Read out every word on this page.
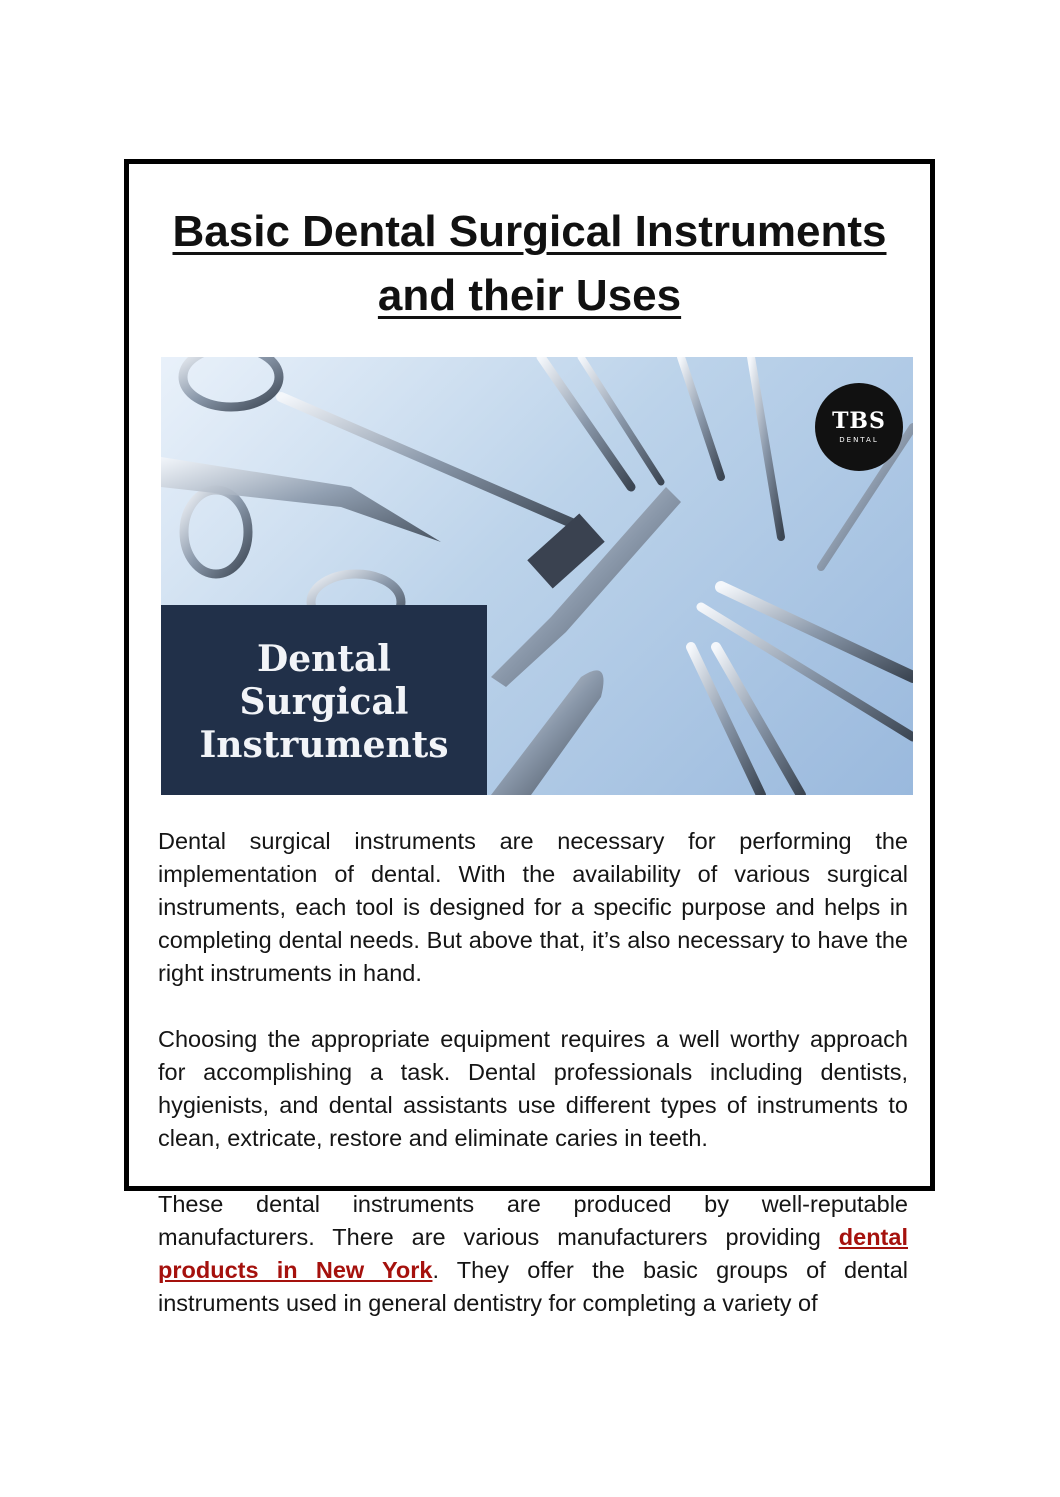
Basic Dental Surgical Instruments and their Uses
TBS
DENTAL
Dental
Surgical
Instruments

Dental surgical instruments are necessary for performing the implementation of dental. With the availability of various surgical instruments, each tool is designed for a specific purpose and helps in completing dental needs. But above that, it’s also necessary to have the right instruments in hand.

Choosing the appropriate equipment requires a well worthy approach for accomplishing a task. Dental professionals including dentists, hygienists, and dental assistants use different types of instruments to clean, extricate, restore and eliminate caries in teeth.

These dental instruments are produced by well-reputable manufacturers. There are various manufacturers providing dental products in New York. They offer the basic groups of dental instruments used in general dentistry for completing a variety of
